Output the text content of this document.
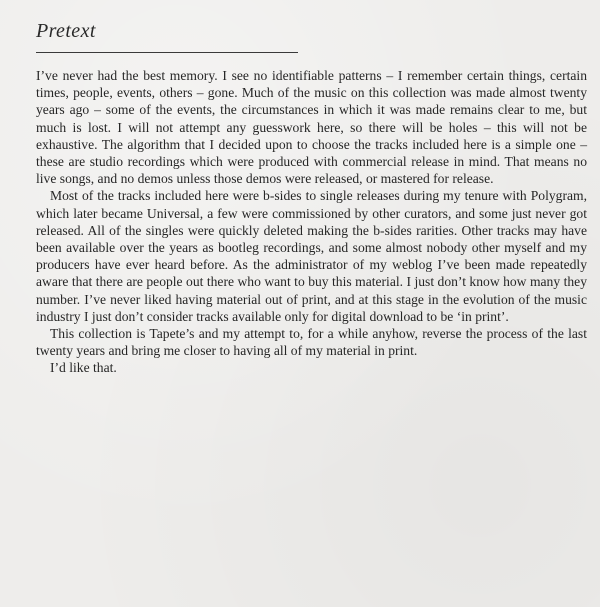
Pretext

I’ve never had the best memory. I see no identifiable patterns – I remember certain things, certain times, people, events, others – gone. Much of the music on this collection was made almost twenty years ago – some of the events, the circumstances in which it was made remains clear to me, but much is lost. I will not attempt any guesswork here, so there will be holes – this will not be exhaustive. The algorithm that I decided upon to choose the tracks included here is a simple one – these are studio recordings which were produced with commercial release in mind. That means no live songs, and no demos unless those demos were released, or mastered for release.

Most of the tracks included here were b-sides to single releases during my tenure with Polygram, which later became Universal, a few were commissioned by other curators, and some just never got released. All of the singles were quickly deleted making the b-sides rarities. Other tracks may have been available over the years as bootleg recordings, and some almost nobody other myself and my producers have ever heard before. As the administrator of my weblog I’ve been made repeatedly aware that there are people out there who want to buy this material. I just don’t know how many they number. I’ve never liked having material out of print, and at this stage in the evolution of the music industry I just don’t consider tracks available only for digital download to be ‘in print’.

This collection is Tapete’s and my attempt to, for a while anyhow, reverse the process of the last twenty years and bring me closer to having all of my material in print.

I’d like that.
